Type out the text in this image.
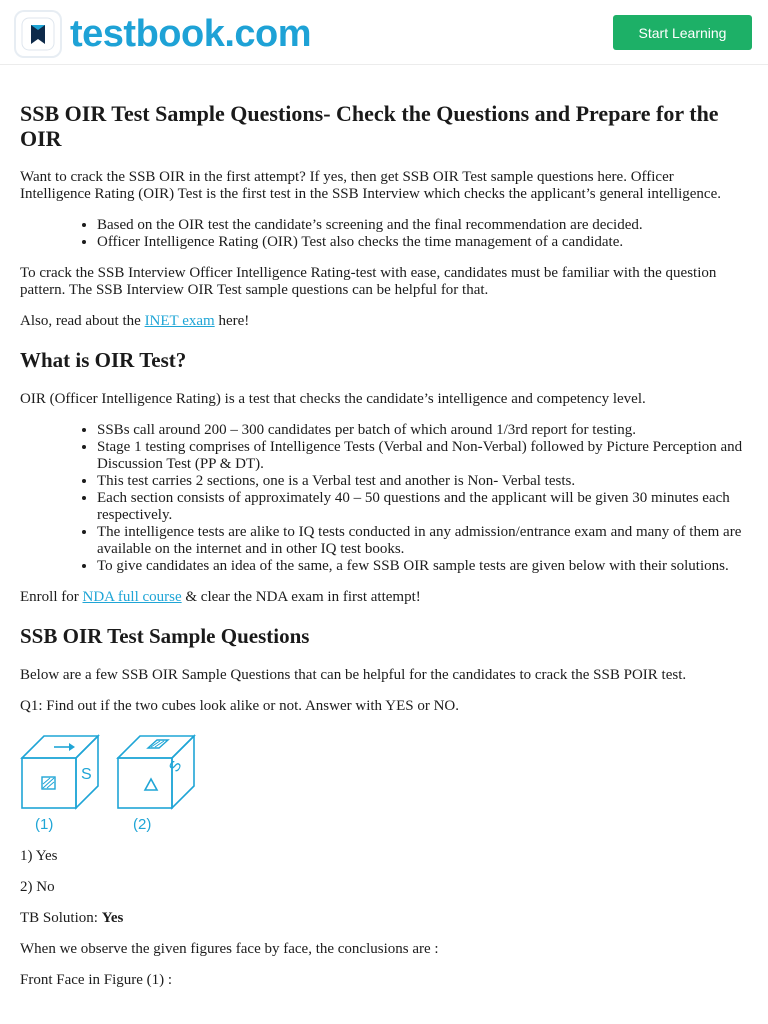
testbook.com	Start Learning
SSB OIR Test Sample Questions- Check the Questions and Prepare for the OIR

Want to crack the SSB OIR in the first attempt? If yes, then get SSB OIR Test sample questions here. Officer Intelligence Rating (OIR) Test is the first test in the SSB Interview which checks the applicant’s general intelligence.

• Based on the OIR test the candidate’s screening and the final recommendation are decided.
• Officer Intelligence Rating (OIR) Test also checks the time management of a candidate.

To crack the SSB Interview Officer Intelligence Rating-test with ease, candidates must be familiar with the question pattern. The SSB Interview OIR Test sample questions can be helpful for that.

Also, read about the INET exam here!

What is OIR Test?

OIR (Officer Intelligence Rating) is a test that checks the candidate’s intelligence and competency level.

• SSBs call around 200 – 300 candidates per batch of which around 1/3rd report for testing.
• Stage 1 testing comprises of Intelligence Tests (Verbal and Non-Verbal) followed by Picture Perception and Discussion Test (PP & DT).
• This test carries 2 sections, one is a Verbal test and another is Non- Verbal tests.
• Each section consists of approximately 40 – 50 questions and the applicant will be given 30 minutes each respectively.
• The intelligence tests are alike to IQ tests conducted in any admission/entrance exam and many of them are available on the internet and in other IQ test books.
• To give candidates an idea of the same, a few SSB OIR sample tests are given below with their solutions.

Enroll for NDA full course & clear the NDA exam in first attempt!

SSB OIR Test Sample Questions

Below are a few SSB OIR Sample Questions that can be helpful for the candidates to crack the SSB POIR test.

Q1: Find out if the two cubes look alike or not. Answer with YES or NO.

S	S
(1)	(2)

1) Yes

2) No

TB Solution: Yes

When we observe the given figures face by face, the conclusions are :

Front Face in Figure (1) :
